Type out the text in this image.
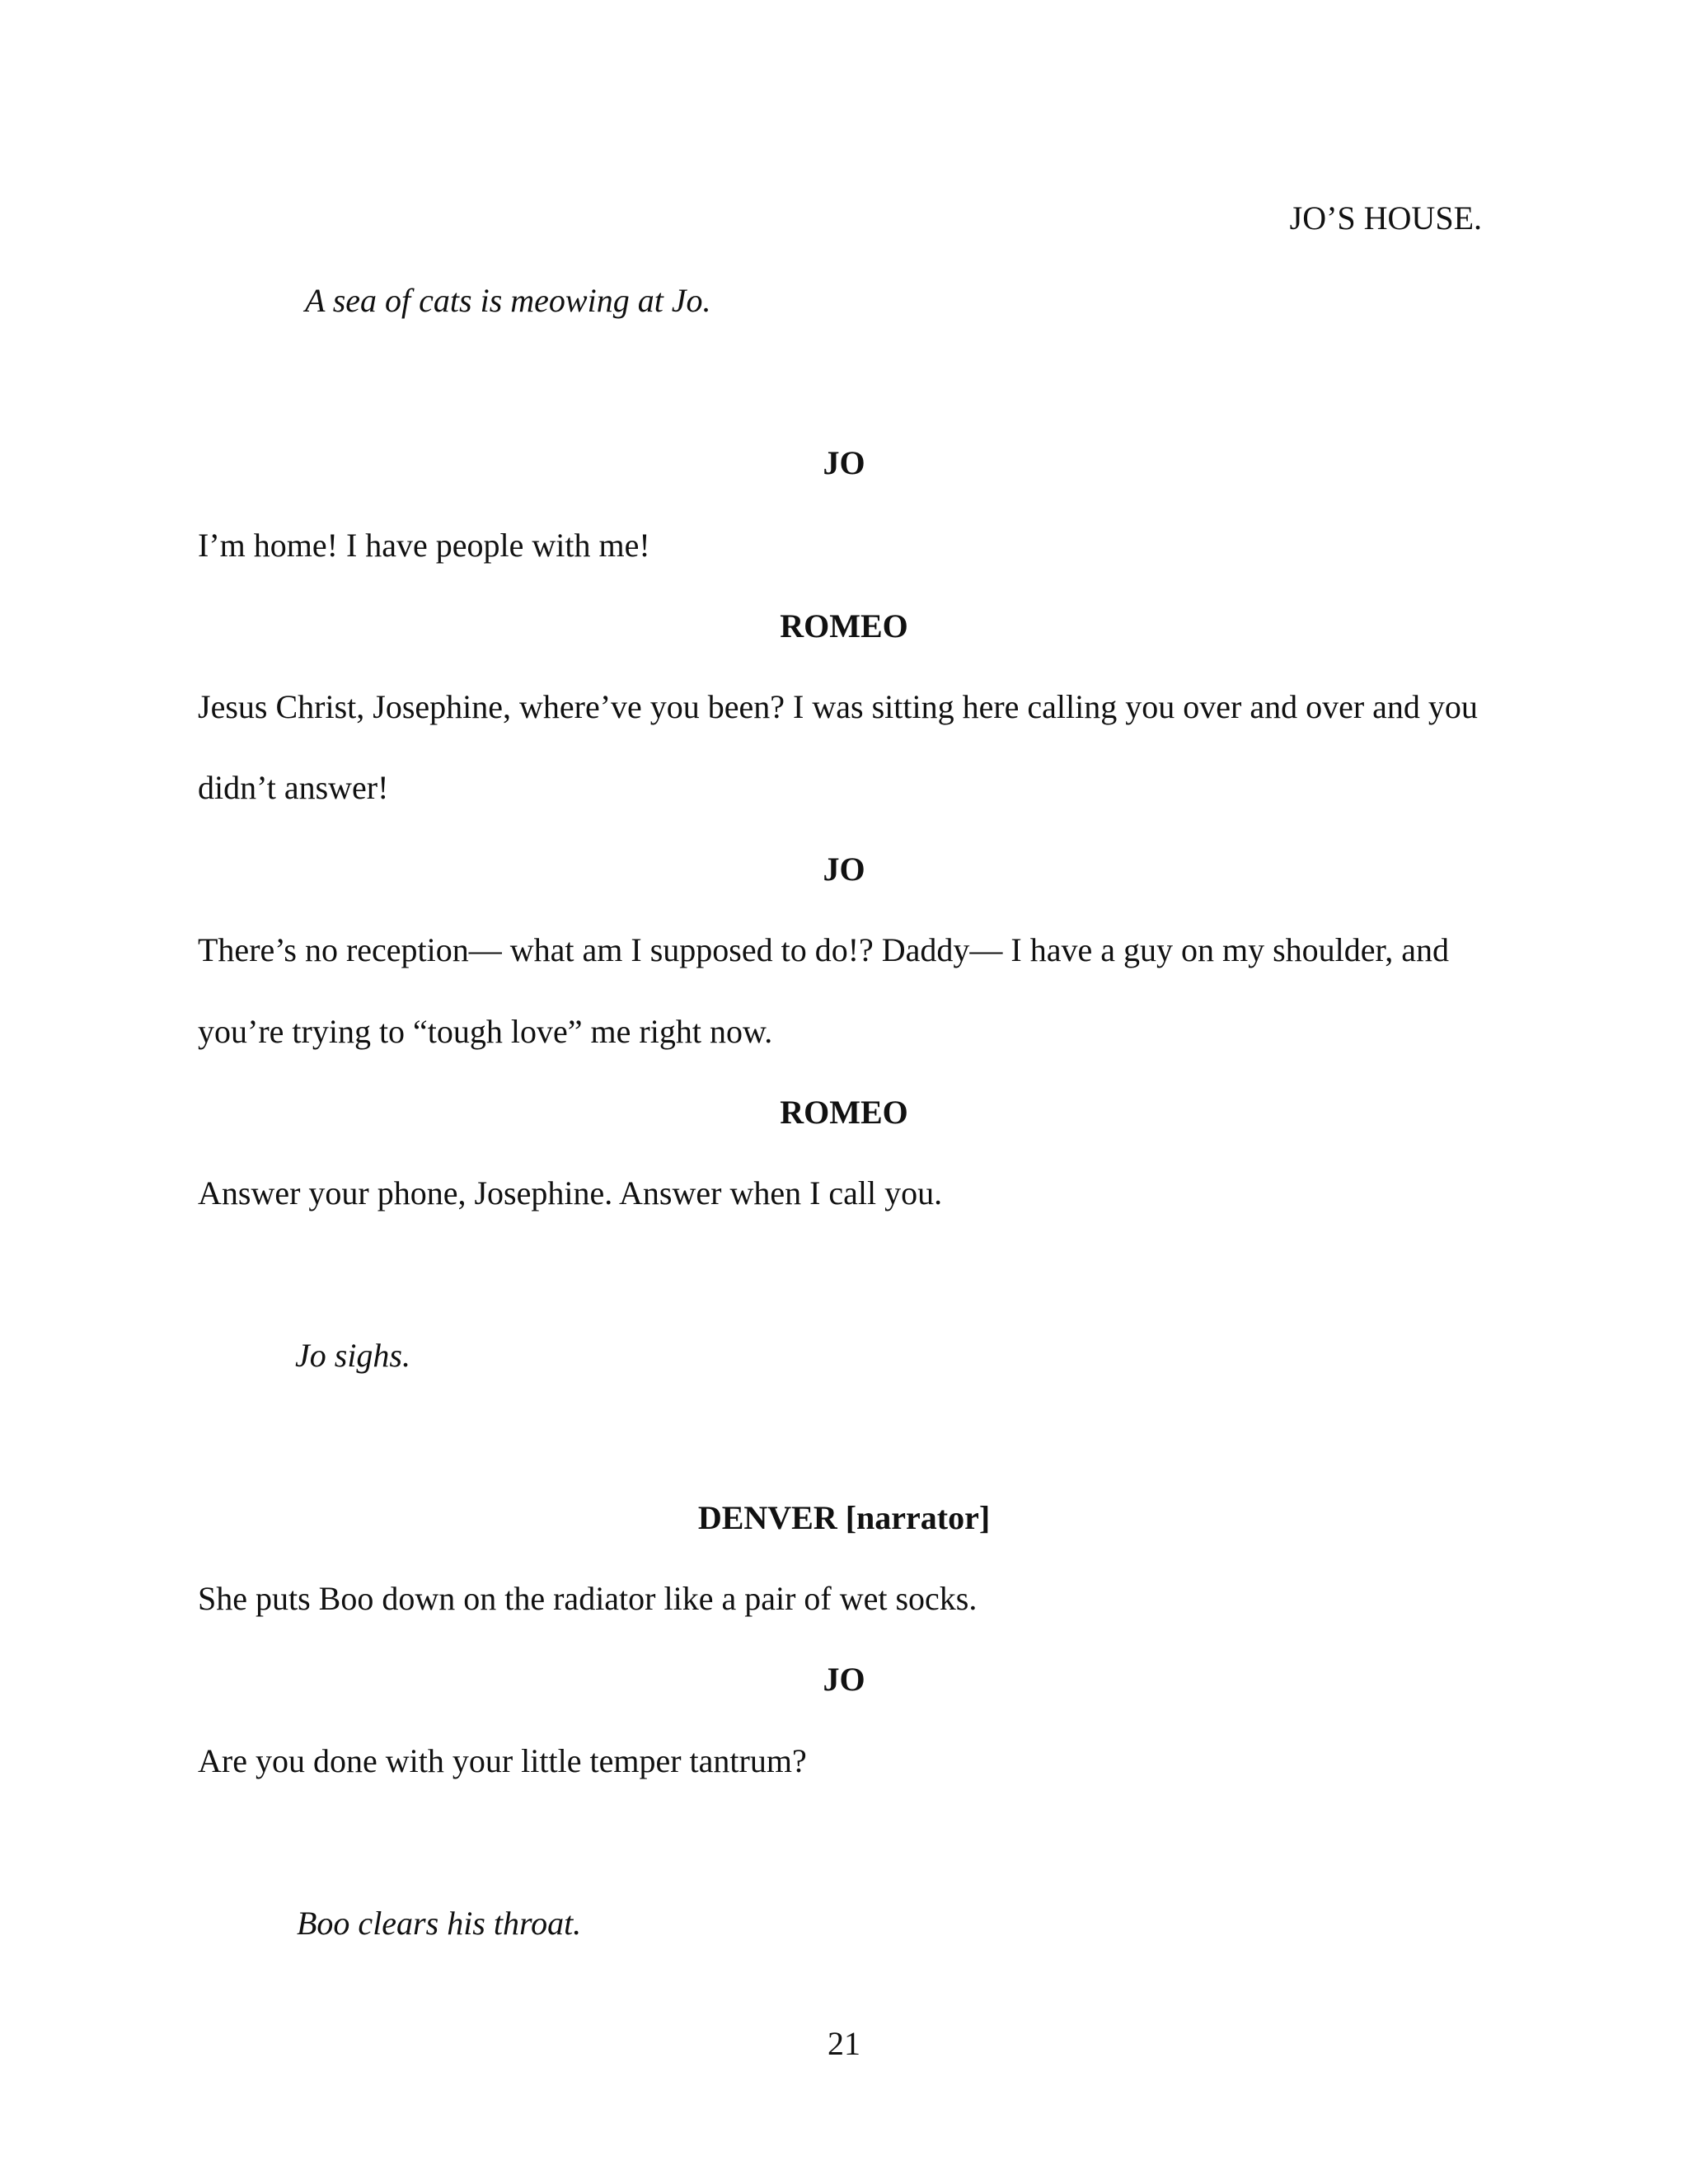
JO’S HOUSE.
A sea of cats is meowing at Jo.
JO
I’m home! I have people with me!
ROMEO
Jesus Christ, Josephine, where’ve you been? I was sitting here calling you over and over and you
didn’t answer!
JO
There’s no reception— what am I supposed to do!? Daddy— I have a guy on my shoulder, and
you’re trying to “tough love” me right now.
ROMEO
Answer your phone, Josephine. Answer when I call you.
Jo sighs.
DENVER [narrator]
She puts Boo down on the radiator like a pair of wet socks.
JO
Are you done with your little temper tantrum?
Boo clears his throat.
21
